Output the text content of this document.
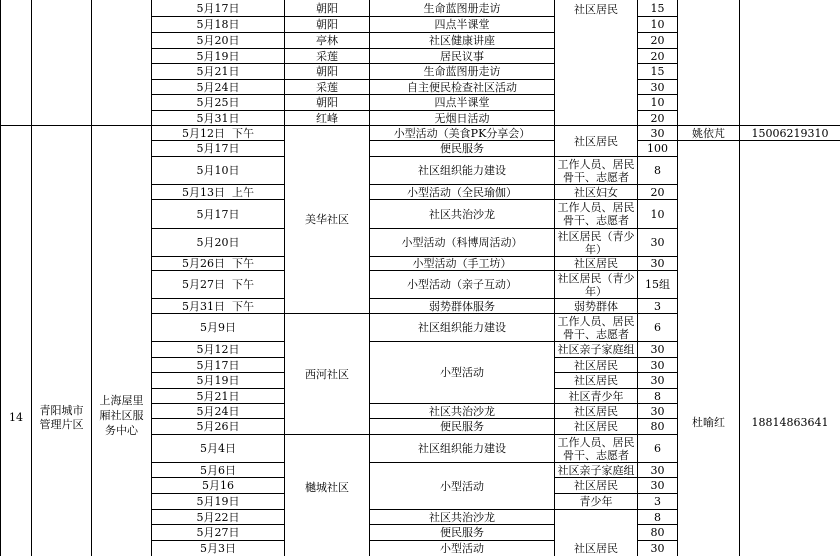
5月17日
5月18日
5月20日
5月19日
5月21日
5月24日
5月25日
5月31日
朝阳
朝阳
亭林
采莲
朝阳
采莲
朝阳
红峰
生命蓝图册走访
四点半课堂
社区健康讲座
居民议事
生命蓝图册走访
自主便民检查社区活动
四点半课堂
无烟日活动
社区居民	15
10
20
20
15
30
10
20
14
青阳城市管理片区
上海屋里厢社区服务中心
5月12日  下午
5月17日
5月10日
5月13日  上午
5月17日
5月20日
5月26日  下午
5月27日  下午
5月31日  下午
5月9日
5月12日
5月17日
5月19日
5月21日
5月24日
5月26日
5月4日
5月6日
5月16
5月19日
5月22日
5月27日
5月3日
美华社区
西河社区
樾城社区
小型活动（美食PK分享会）
便民服务
社区组织能力建设
小型活动（全民瑜伽）
社区共治沙龙
小型活动（科博周活动）
小型活动（手工坊）
小型活动（亲子互动）
弱势群体服务
社区组织能力建设
小型活动
社区共治沙龙
便民服务
社区组织能力建设
小型活动
社区共治沙龙
便民服务
小型活动
社区居民
工作人员、居民骨干、志愿者
社区妇女
工作人员、居民骨干、志愿者
社区居民（青少年）
社区居民
社区居民（青少年）
弱势群体
工作人员、居民骨干、志愿者
社区亲子家庭组
社区居民
社区居民
社区青少年
社区居民
社区居民
工作人员、居民骨干、志愿者
社区亲子家庭组
社区居民
青少年
社区居民
30
100
8
20
10
30
30
15组
3
6
30
30
30
8
30
80
6
30
30
3
8
80
30
姚依芃
杜喻红
15006219310
18814863641
